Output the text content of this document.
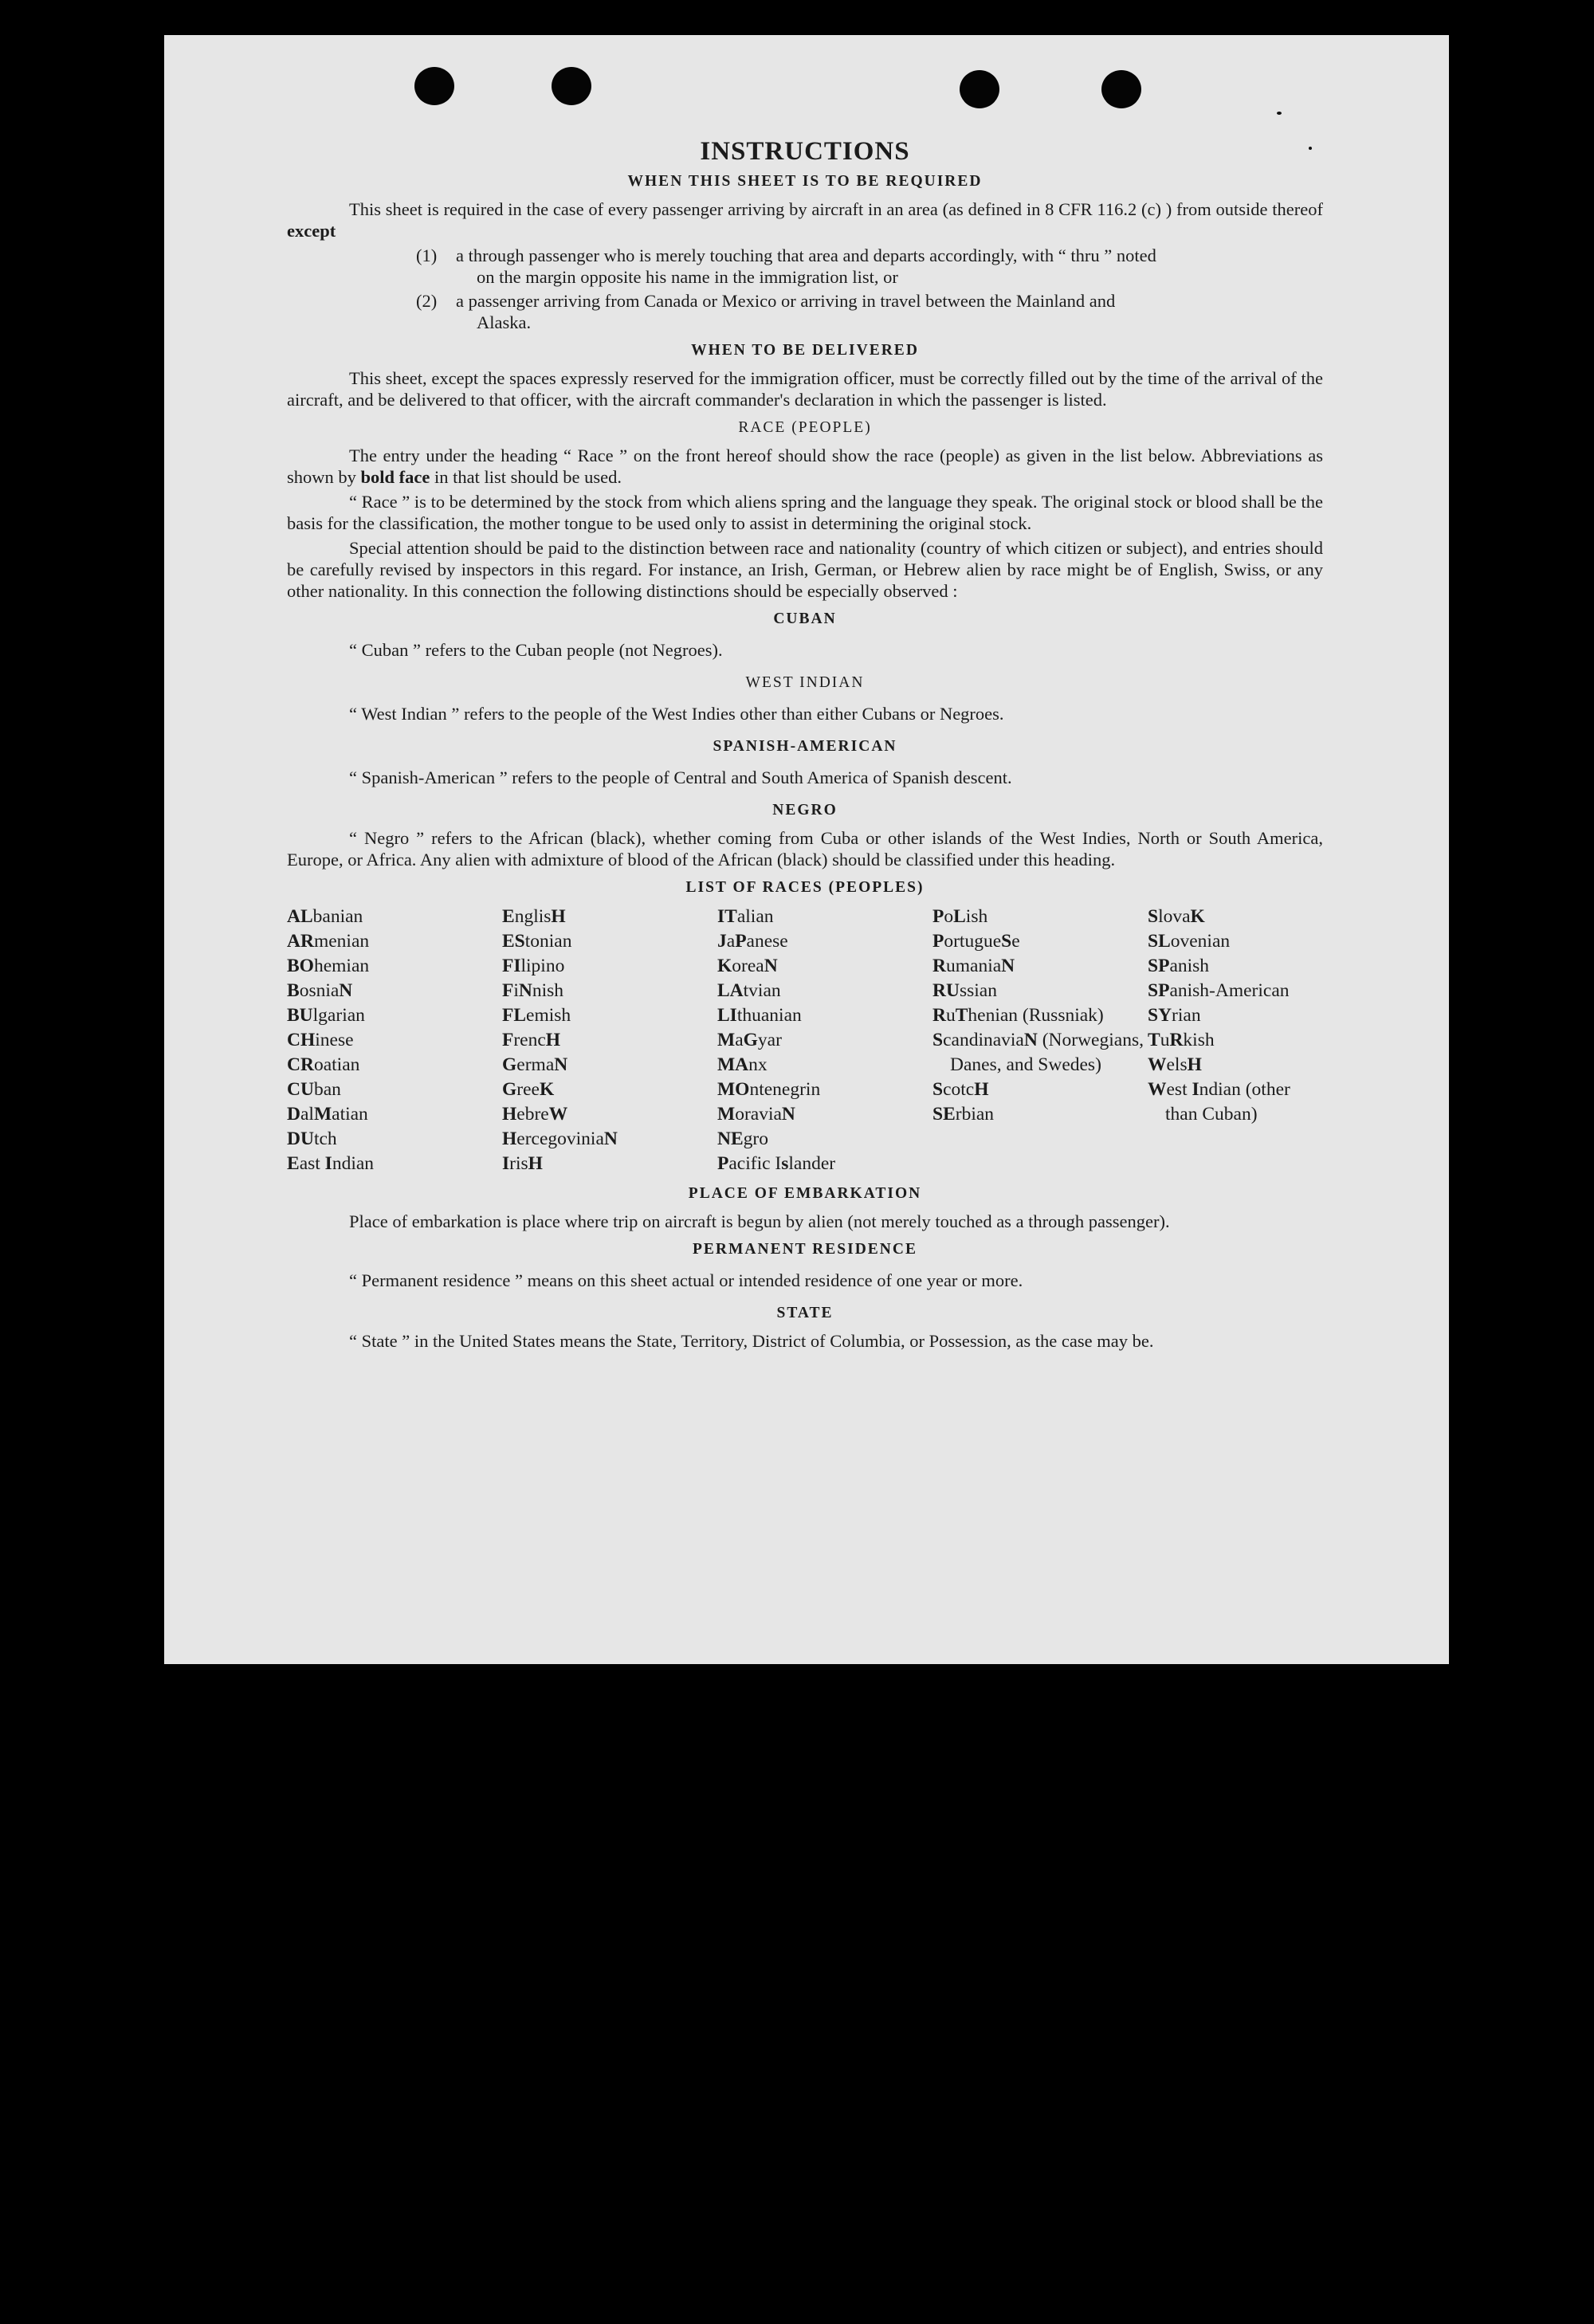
INSTRUCTIONS
WHEN THIS SHEET IS TO BE REQUIRED

This sheet is required in the case of every passenger arriving by aircraft in an area (as defined in 8 CFR 116.2 (c) ) from outside thereof except

(1)	a through passenger who is merely touching that area and departs accordingly, with “ thru ” noted
on the margin opposite his name in the immigration list, or
(2)	a passenger arriving from Canada or Mexico or arriving in travel between the Mainland and
Alaska.
WHEN TO BE DELIVERED

This sheet, except the spaces expressly reserved for the immigration officer, must be correctly filled out by the time of the arrival of the aircraft, and be delivered to that officer, with the aircraft commander's declaration in which the passenger is listed.

RACE (PEOPLE)

The entry under the heading “ Race ” on the front hereof should show the race (people) as given in the list below. Abbreviations as shown by bold face in that list should be used.

“ Race ” is to be determined by the stock from which aliens spring and the language they speak. The original stock or blood shall be the basis for the classification, the mother tongue to be used only to assist in determining the original stock.

Special attention should be paid to the distinction between race and nationality (country of which citizen or subject), and entries should be carefully revised by inspectors in this regard. For instance, an Irish, German, or Hebrew alien by race might be of English, Swiss, or any other nationality. In this connection the following distinctions should be especially observed :

CUBAN

“ Cuban ” refers to the Cuban people (not Negroes).

WEST INDIAN

“ West Indian ” refers to the people of the West Indies other than either Cubans or Negroes.

SPANISH-AMERICAN

“ Spanish-American ” refers to the people of Central and South America of Spanish descent.

NEGRO

“ Negro ” refers to the African (black), whether coming from Cuba or other islands of the West Indies, North or South America, Europe, or Africa. Any alien with admixture of blood of the African (black) should be classified under this heading.

LIST OF RACES (PEOPLES)
ALbanian
ARmenian
BOhemian
BosniaN
BUlgarian
CHinese
CRoatian
CUban
DalMatian
DUtch
East Indian
EnglisH
EStonian
FIlipino
FiNnish
FLemish
FrencH
GermaN
GreeK
HebreW
HercegoviniaN
IrisH
ITalian
JaPanese
KoreaN
LAtvian
LIthuanian
MaGyar
MAnx
MOntenegrin
MoraviaN
NEgro
Pacific Islander
PoLish
PortugueSe
RumaniaN
RUssian
RuThenian (Russniak)
ScandinaviaN (Norwegians, Danes, and Swedes)
ScotcH
SErbian
SlovaK
SLovenian
SPanish
SPanish-American
SYrian
TuRkish
WelsH
West Indian (other than Cuban)
PLACE OF EMBARKATION

Place of embarkation is place where trip on aircraft is begun by alien (not merely touched as a through passenger).

PERMANENT RESIDENCE

“ Permanent residence ” means on this sheet actual or intended residence of one year or more.

STATE

“ State ” in the United States means the State, Territory, District of Columbia, or Possession, as the case may be.
